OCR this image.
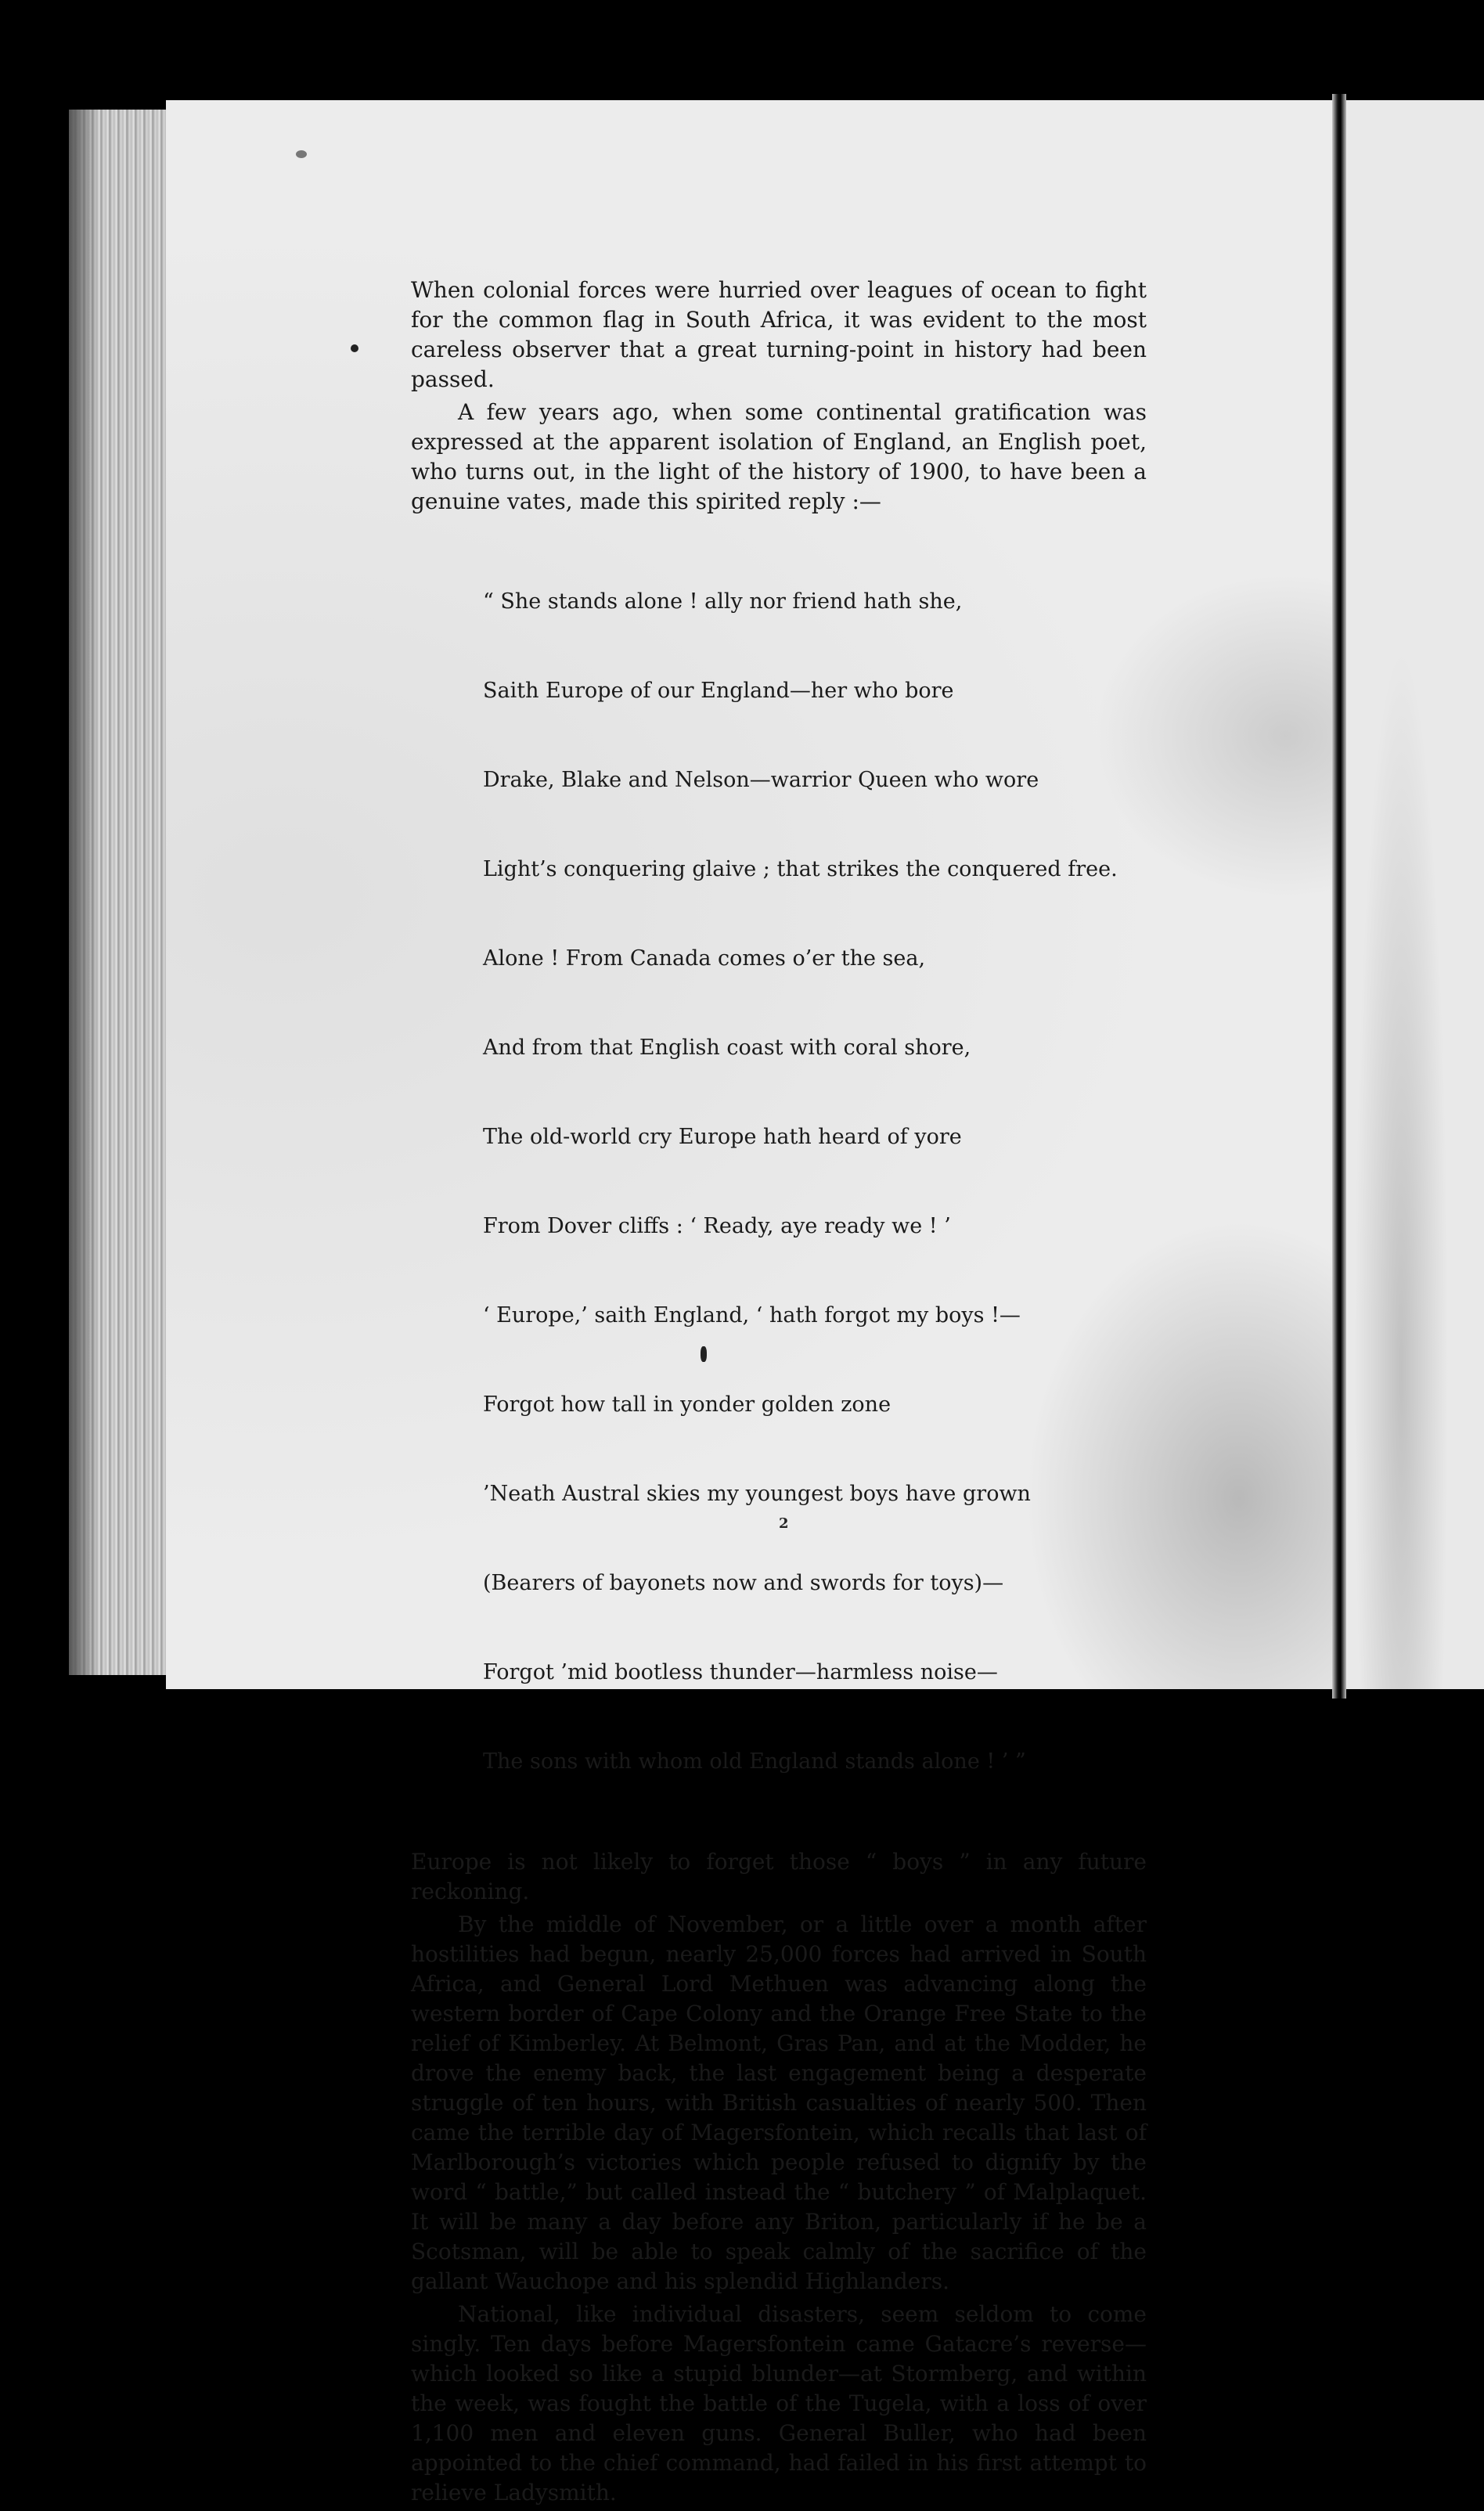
When colonial forces were hurried over leagues of ocean to fight for the common flag in South Africa, it was evident to the most careless observer that a great turning-point in history had been passed.

A few years ago, when some continental gratification was expressed at the apparent isolation of England, an English poet, who turns out, in the light of the history of 1900, to have been a genuine vates, made this spirited reply :—

“ She stands alone ! ally nor friend hath she,

Saith Europe of our England—her who bore

Drake, Blake and Nelson—warrior Queen who wore

Light’s conquering glaive ; that strikes the conquered free.

Alone ! From Canada comes o’er the sea,

And from that English coast with coral shore,

The old-world cry Europe hath heard of yore

From Dover cliffs : ‘ Ready, aye ready we ! ’

‘ Europe,’ saith England, ‘ hath forgot my boys !—

Forgot how tall in yonder golden zone

’Neath Austral skies my youngest boys have grown

(Bearers of bayonets now and swords for toys)—

Forgot ’mid bootless thunder—harmless noise—

The sons with whom old England stands alone ! ’ ”

Europe is not likely to forget those “ boys ” in any future reckoning.

By the middle of November, or a little over a month after hostilities had begun, nearly 25,000 forces had arrived in South Africa, and General Lord Methuen was advancing along the western border of Cape Colony and the Orange Free State to the relief of Kimberley. At Belmont, Gras Pan, and at the Modder, he drove the enemy back, the last engagement being a desperate struggle of ten hours, with British casualties of nearly 500. Then came the terrible day of Magersfontein, which recalls that last of Marlborough’s victories which people refused to dignify by the word “ battle,” but called instead the “ butchery ” of Malplaquet. It will be many a day before any Briton, particularly if he be a Scotsman, will be able to speak calmly of the sacrifice of the gallant Wauchope and his splendid Highlanders.

National, like individual disasters, seem seldom to come singly. Ten days before Magersfontein came Gatacre’s reverse—which looked so like a stupid blunder—at Stormberg, and within the week, was fought the battle of the Tugela, with a loss of over 1,100 men and eleven guns. General Buller, who had been appointed to the chief command, had failed in his first attempt to relieve Ladysmith.

2
